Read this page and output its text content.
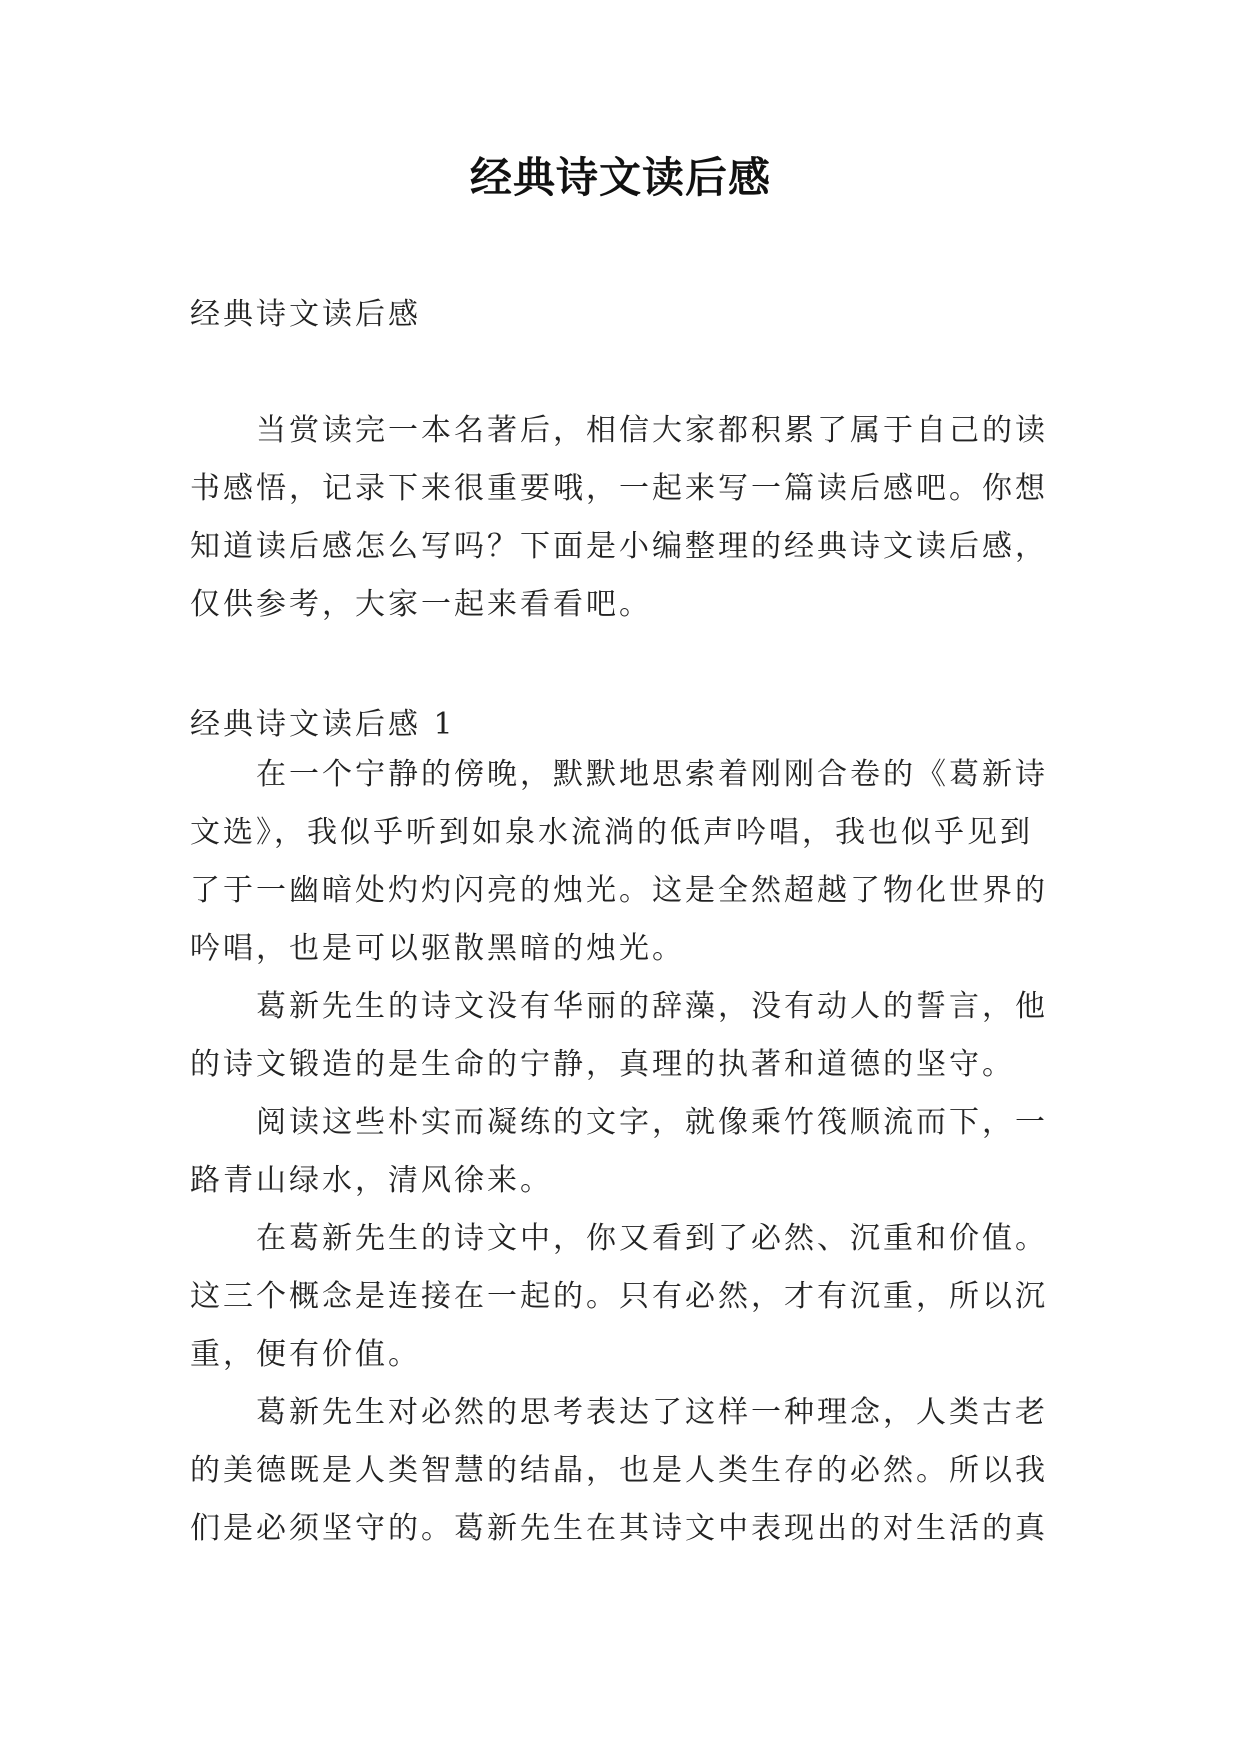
经典诗文读后感

经典诗文读后感

当赏读完一本名著后，相信大家都积累了属于自己的读书感悟，记录下来很重要哦，一起来写一篇读后感吧。你想知道读后感怎么写吗？下面是小编整理的经典诗文读后感，仅供参考，大家一起来看看吧。

经典诗文读后感 1

在一个宁静的傍晚，默默地思索着刚刚合卷的《葛新诗文选》，我似乎听到如泉水流淌的低声吟唱，我也似乎见到了于一幽暗处灼灼闪亮的烛光。这是全然超越了物化世界的吟唱，也是可以驱散黑暗的烛光。

葛新先生的诗文没有华丽的辞藻，没有动人的誓言，他的诗文锻造的是生命的宁静，真理的执著和道德的坚守。

阅读这些朴实而凝练的文字，就像乘竹筏顺流而下，一路青山绿水，清风徐来。

在葛新先生的诗文中，你又看到了必然、沉重和价值。这三个概念是连接在一起的。只有必然，才有沉重，所以沉重，便有价值。

葛新先生对必然的思考表达了这样一种理念，人类古老的美德既是人类智慧的结晶，也是人类生存的必然。所以我们是必须坚守的。葛新先生在其诗文中表现出的对生活的真
